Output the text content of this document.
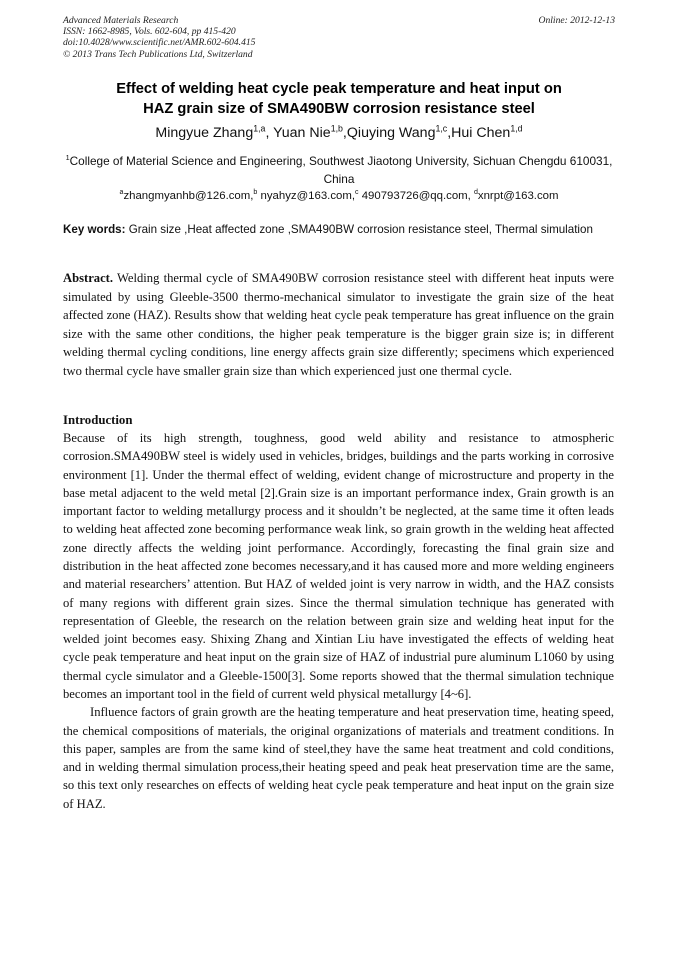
Advanced Materials Research
ISSN: 1662-8985, Vols. 602-604, pp 415-420
doi:10.4028/www.scientific.net/AMR.602-604.415
© 2013 Trans Tech Publications Ltd, Switzerland
Online: 2012-12-13
Effect of welding heat cycle peak temperature and heat input on
HAZ grain size of SMA490BW corrosion resistance steel
Mingyue Zhang$^{1,a}$, Yuan Nie$^{1,b}$,Qiuying Wang$^{1,c}$,Hui Chen$^{1,d}$
$^1$College of Material Science and Engineering, Southwest Jiaotong University, Sichuan Chengdu 610031, China
$^a$zhangmyanhb@126.com,$^b$ nyahyz@163.com,$^c$ 490793726@qq.com, $^d$xnrpt@163.com
Key words: Grain size ,Heat affected zone ,SMA490BW corrosion resistance steel, Thermal simulation
Abstract. Welding thermal cycle of SMA490BW corrosion resistance steel with different heat inputs were simulated by using Gleeble-3500 thermo-mechanical simulator to investigate the grain size of the heat affected zone (HAZ). Results show that welding heat cycle peak temperature has great influence on the grain size with the same other conditions, the higher peak temperature is the bigger grain size is; in different welding thermal cycling conditions, line energy affects grain size differently; specimens which experienced two thermal cycle have smaller grain size than which experienced just one thermal cycle.
Introduction

Because of its high strength, toughness, good weld ability and resistance to atmospheric corrosion.SMA490BW steel is widely used in vehicles, bridges, buildings and the parts working in corrosive environment [1]. Under the thermal effect of welding, evident change of microstructure and property in the base metal adjacent to the weld metal [2].Grain size is an important performance index, Grain growth is an important factor to welding metallurgy process and it shouldn’t be neglected, at the same time it often leads to welding heat affected zone becoming performance weak link, so grain growth in the welding heat affected zone directly affects the welding joint performance. Accordingly, forecasting the final grain size and distribution in the heat affected zone becomes necessary,and it has caused more and more welding engineers and material researchers’ attention. But HAZ of welded joint is very narrow in width, and the HAZ consists of many regions with different grain sizes. Since the thermal simulation technique has generated with representation of Gleeble, the research on the relation between grain size and welding heat input for the welded joint becomes easy. Shixing Zhang and Xintian Liu have investigated the effects of welding heat cycle peak temperature and heat input on the grain size of HAZ of industrial pure aluminum L1060 by using thermal cycle simulator and a Gleeble-1500[3]. Some reports showed that the thermal simulation technique becomes an important tool in the field of current weld physical metallurgy [4~6].

Influence factors of grain growth are the heating temperature and heat preservation time, heating speed, the chemical compositions of materials, the original organizations of materials and treatment conditions. In this paper, samples are from the same kind of steel,they have the same heat treatment and cold conditions, and in welding thermal simulation process,their heating speed and peak heat preservation time are the same, so this text only researches on effects of welding heat cycle peak temperature and heat input on the grain size of HAZ.
